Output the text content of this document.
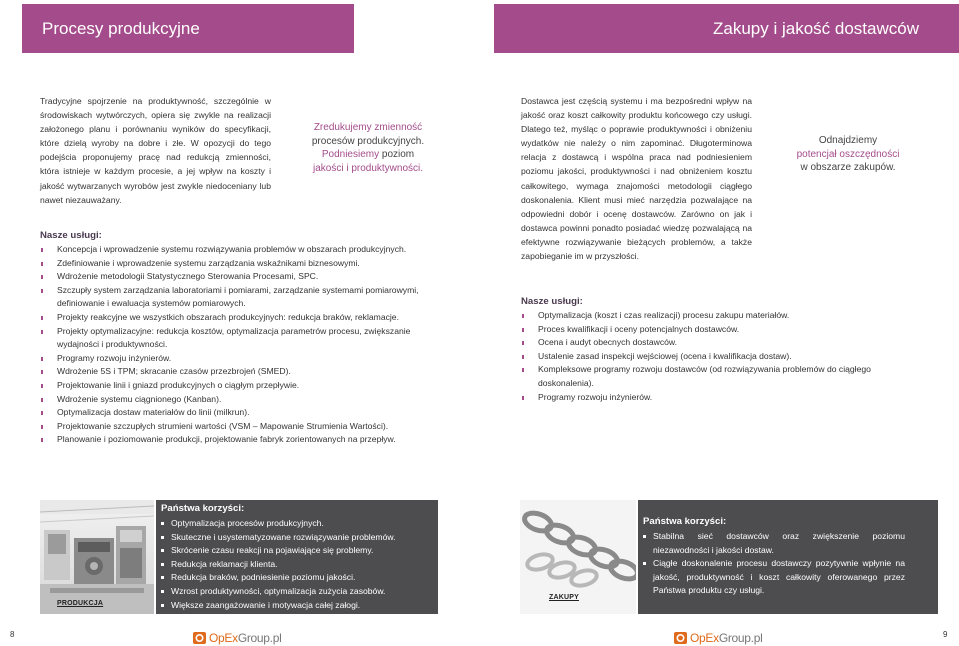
Procesy produkcyjne	Zakupy i jakość dostawców

Tradycyjne spojrzenie na produktywność, szczególnie w środowiskach wytwórczych, opiera się zwykle na realizacji założonego planu i porównaniu wyników do specyfikacji, które dzielą wyroby na dobre i złe. W opozycji do tego podejścia proponujemy pracę nad redukcją zmienności, która istnieje w każdym procesie, a jej wpływ na koszty i jakość wytwarzanych wyrobów jest zwykle niedoceniany lub nawet niezauważany.

Zredukujemy zmienność
procesów produkcyjnych.
Podniesiemy poziom
jakości i produktywności.
Nasze usługi:
Koncepcja i wprowadzenie systemu rozwiązywania problemów w obszarach produkcyjnych.
Zdefiniowanie i wprowadzenie systemu zarządzania wskaźnikami biznesowymi.
Wdrożenie metodologii Statystycznego Sterowania Procesami, SPC.
Szczupły system zarządzania laboratoriami i pomiarami, zarządzanie systemami pomiarowymi, definiowanie i ewaluacja systemów pomiarowych.
Projekty reakcyjne we wszystkich obszarach produkcyjnych: redukcja braków, reklamacje.
Projekty optymalizacyjne: redukcja kosztów, optymalizacja parametrów procesu, zwiększanie wydajności i produktywności.
Programy rozwoju inżynierów.
Wdrożenie 5S i TPM; skracanie czasów przezbrojeń (SMED).
Projektowanie linii i gniazd produkcyjnych o ciągłym przepływie.
Wdrożenie systemu ciągnionego (Kanban).
Optymalizacja dostaw materiałów do linii (milkrun).
Projektowanie szczupłych strumieni wartości (VSM – Mapowanie Strumienia Wartości).
Planowanie i poziomowanie produkcji, projektowanie fabryk zorientowanych na przepływ.
PRODUKCJA
Państwa korzyści:
Optymalizacja procesów produkcyjnych.
Skuteczne i usystematyzowane rozwiązywanie problemów.
Skrócenie czasu reakcji na pojawiające się problemy.
Redukcja reklamacji klienta.
Redukcja braków, podniesienie poziomu jakości.
Wzrost produktywności, optymalizacja zużycia zasobów.
Większe zaangażowanie i motywacja całej załogi.
8	OpExGroup.pl

Dostawca jest częścią systemu i ma bezpośredni wpływ na jakość oraz koszt całkowity produktu końcowego czy usługi. Dlatego też, myśląc o poprawie produktywności i obniżeniu wydatków nie należy o nim zapominać. Długoterminowa relacja z dostawcą i wspólna praca nad podniesieniem poziomu jakości, produktywności i nad obniżeniem kosztu całkowitego, wymaga znajomości metodologii ciągłego doskonalenia. Klient musi mieć narzędzia pozwalające na odpowiedni dobór i ocenę dostawców. Zarówno on jak i dostawca powinni ponadto posiadać wiedzę pozwalającą na efektywne rozwiązywanie bieżących problemów, a także zapobieganie im w przyszłości.

Odnajdziemy
potencjał oszczędności
w obszarze zakupów.
Nasze usługi:
Optymalizacja (koszt i czas realizacji) procesu zakupu materiałów.
Proces kwalifikacji i oceny potencjalnych dostawców.
Ocena i audyt obecnych dostawców.
Ustalenie zasad inspekcji wejściowej (ocena i kwalifikacja dostaw).
Kompleksowe programy rozwoju dostawców (od rozwiązywania problemów do ciągłego doskonalenia).
Programy rozwoju inżynierów.
ZAKUPY
Państwa korzyści:
Stabilna sieć dostawców oraz zwiększenie poziomu niezawodności i jakości dostaw.
Ciągłe doskonalenie procesu dostawczy pozytywnie wpłynie na jakość, produktywność i koszt całkowity oferowanego przez Państwa produktu czy usługi.
9
OpExGroup.pl
